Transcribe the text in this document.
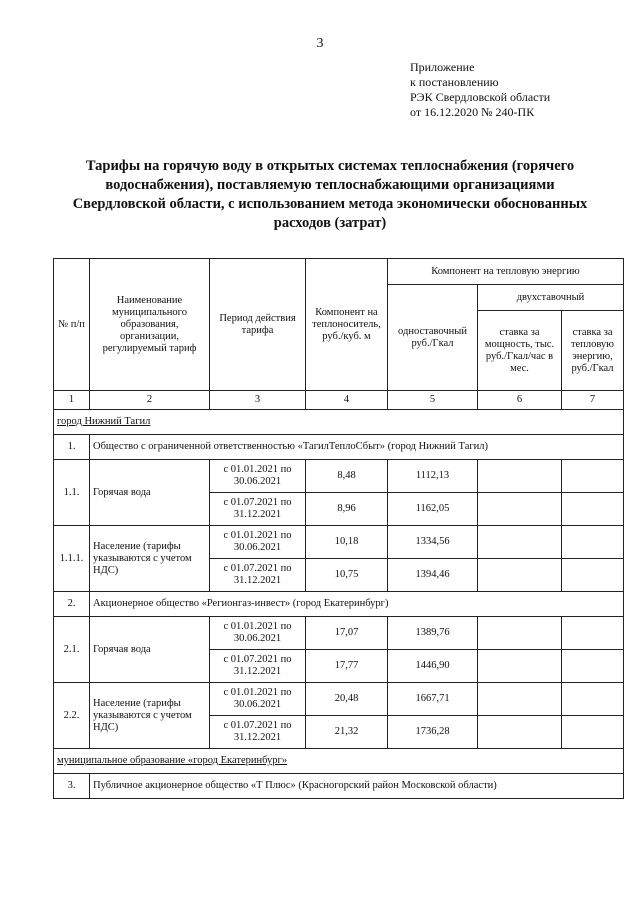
3
Приложение
к постановлению
РЭК Свердловской области
от 16.12.2020 № 240-ПК
Тарифы на горячую воду в открытых системах теплоснабжения (горячего водоснабжения), поставляемую теплоснабжающими организациями Свердловской области, с использованием метода экономически обоснованных расходов (затрат)
№ п/п	Наименование муниципального образования, организации, регулируемый тариф	Период действия тарифа	Компонент на теплоноситель, руб./куб. м	Компонент на тепловую энергию		
				одноставочный руб./Гкал	двухставочный	
					ставка за мощность, тыс. руб./Гкал/час в мес.	ставка за тепловую энергию, руб./Гкал
1	2	3	4	5	6	7
город Нижний Тагил						
1.	Общество с ограниченной ответственностью «ТагилТеплоСбыт» (город Нижний Тагил)					
1.1.	Горячая вода	с 01.01.2021 по 30.06.2021	8,48	1112,13		
		с 01.07.2021 по 31.12.2021	8,96	1162,05		
1.1.1.	Население (тарифы указываются с учетом НДС)	с 01.01.2021 по 30.06.2021	10,18	1334,56		
		с 01.07.2021 по 31.12.2021	10,75	1394,46		
2.	Акционерное общество «Регионгаз-инвест» (город Екатеринбург)					
2.1.	Горячая вода	с 01.01.2021 по 30.06.2021	17,07	1389,76		
		с 01.07.2021 по 31.12.2021	17,77	1446,90		
2.2.	Население (тарифы указываются с учетом НДС)	с 01.01.2021 по 30.06.2021	20,48	1667,71		
		с 01.07.2021 по 31.12.2021	21,32	1736,28		
муниципальное образование «город Екатеринбург»						
3.	Публичное акционерное общество «Т Плюс» (Красногорский район Московской области)					
